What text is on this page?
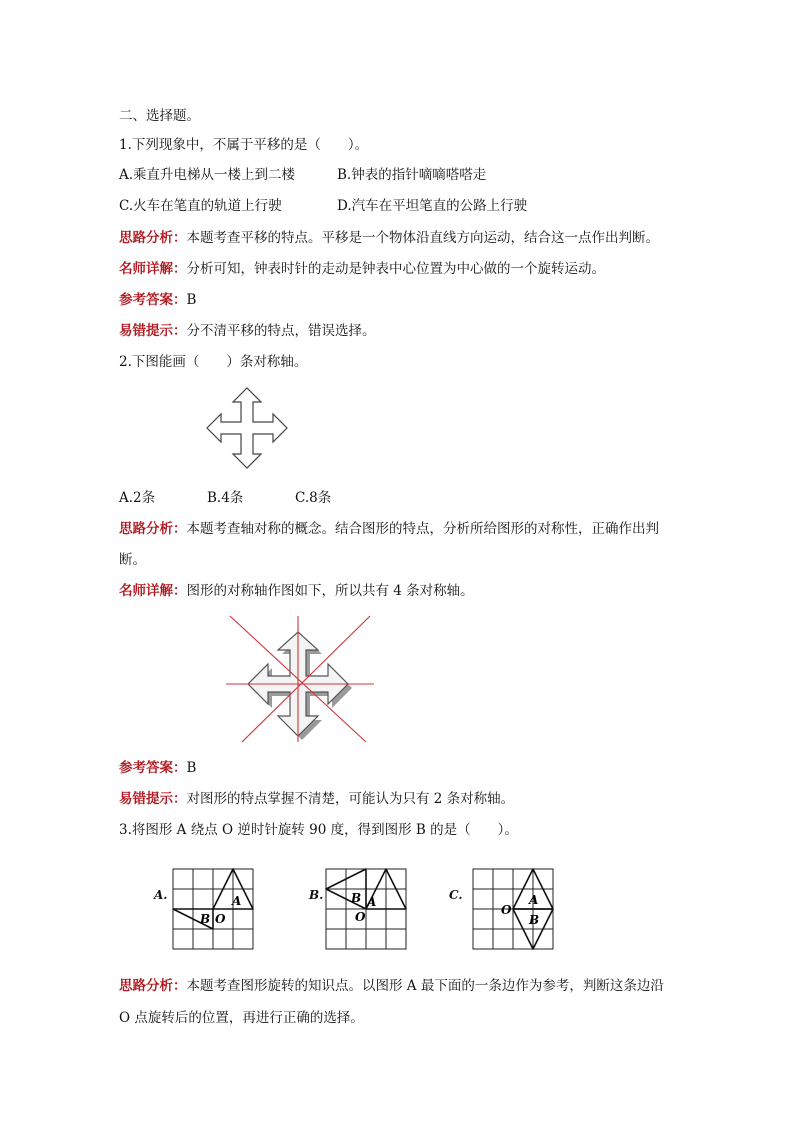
二、选择题。
1.下列现象中，不属于平移的是（　　）。
A.乘直升电梯从一楼上到二楼	B.钟表的指针嘀嘀嗒嗒走
C.火车在笔直的轨道上行驶	D.汽车在平坦笔直的公路上行驶
思路分析：本题考查平移的特点。平移是一个物体沿直线方向运动，结合这一点作出判断。
名师详解：分析可知，钟表时针的走动是钟表中心位置为中心做的一个旋转运动。
参考答案：B
易错提示：分不清平移的特点，错误选择。
2.下图能画（　　）条对称轴。
A.2条	B.4条	C.8条
思路分析：本题考查轴对称的概念。结合图形的特点，分析所给图形的对称性，正确作出判
断。
名师详解：图形的对称轴作图如下，所以共有 4 条对称轴。
参考答案：B
易错提示：对图形的特点掌握不清楚，可能认为只有 2 条对称轴。
3.将图形 A 绕点 O 逆时针旋转 90 度，得到图形 B 的是（　　）。
A.	A
B O
B.	A
B
O
C.	A
B
O
思路分析：本题考查图形旋转的知识点。以图形 A 最下面的一条边作为参考，判断这条边沿
O 点旋转后的位置，再进行正确的选择。
